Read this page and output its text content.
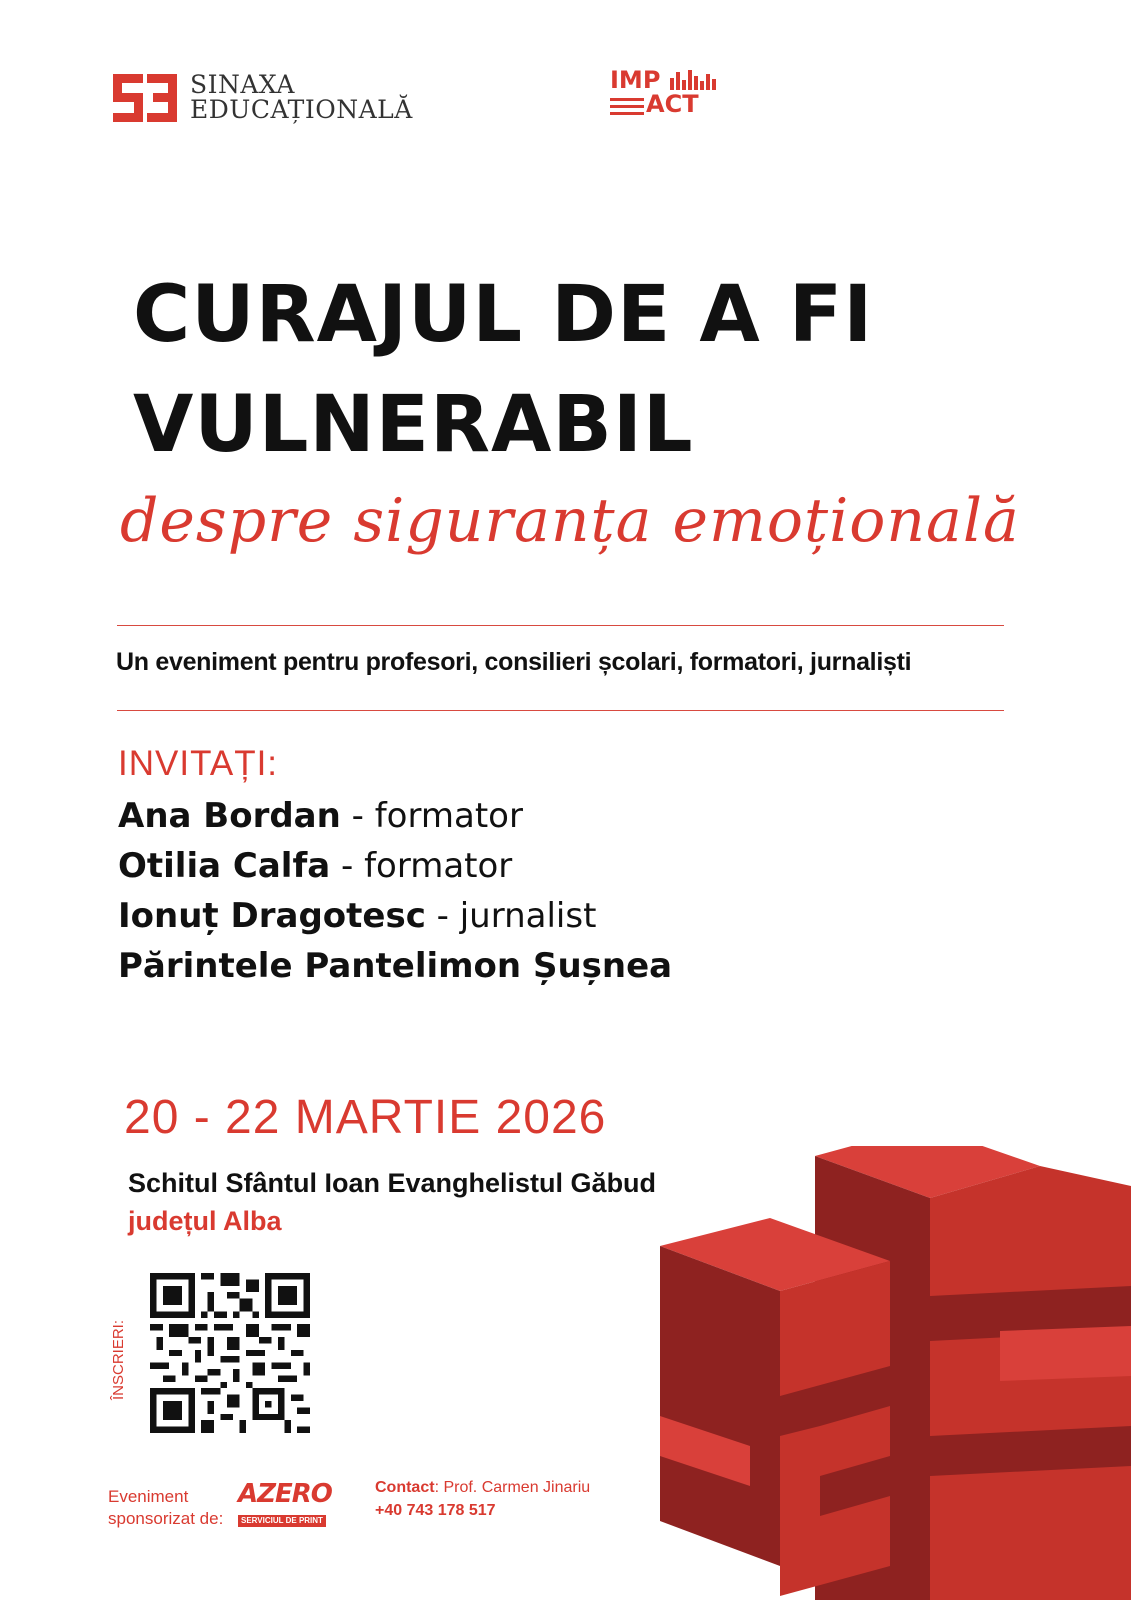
SINAXA
EDUCAȚIONALĂ
IMP
ACT
CURAJUL DE A FI
VULNERABIL
despre siguranța emoțională
Un eveniment pentru profesori, consilieri școlari, formatori, jurnaliști
INVITAȚI:
Ana Bordan - formator
Otilia Calfa - formator
Ionuț Dragotesc - jurnalist
Părintele Pantelimon Șușnea
20 - 22 MARTIE 2026
Schitul Sfântul Ioan Evanghelistul Găbud
județul Alba
ÎNSCRIERI:
Eveniment
sponsorizat de:
AZERO
SERVICIUL DE PRINT
Contact: Prof. Carmen Jinariu
+40 743 178 517
